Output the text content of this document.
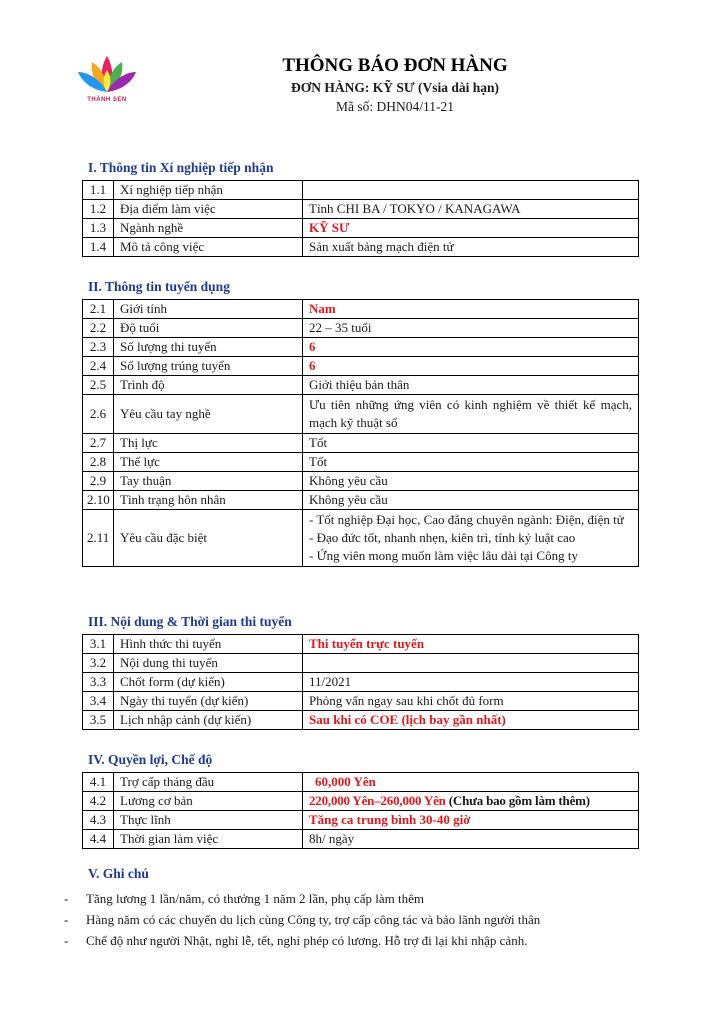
THÀNH SEN
THÔNG BÁO ĐƠN HÀNG
ĐƠN HÀNG: KỸ SƯ (Vsia dài hạn)
Mã số: DHN04/11-21
I. Thông tin Xí nghiệp tiếp nhận
1.1	Xí nghiệp tiếp nhận	
1.2	Địa điểm làm việc	Tỉnh CHI BA / TOKYO / KANAGAWA
1.3	Ngành nghề	KỸ SƯ
1.4	Mô tả công việc	Sản xuất bảng mạch điện tử
II. Thông tin tuyển dụng
2.1	Giới tính	Nam
2.2	Độ tuổi	22 – 35 tuổi
2.3	Số lượng thi tuyển	6
2.4	Số lượng trúng tuyển	6
2.5	Trình độ	Giới thiệu bản thân
2.6	Yêu cầu tay nghề	Ưu tiên những ứng viên có kinh nghiệm về thiết kế mạch, mạch kỹ thuật số
2.7	Thị lực	Tốt
2.8	Thể lực	Tốt
2.9	Tay thuận	Không yêu cầu
2.10	Tình trạng hôn nhân	Không yêu cầu
2.11	Yêu cầu đặc biệt	- Tốt nghiệp Đại học, Cao đẳng chuyên ngành: Điện, điện tử
- Đạo đức tốt, nhanh nhẹn, kiên trì, tính kỷ luật cao
- Ứng viên mong muốn làm việc lâu dài tại Công ty
III. Nội dung & Thời gian thi tuyển
3.1	Hình thức thi tuyển	Thi tuyển trực tuyến
3.2	Nội dung thi tuyển	
3.3	Chốt form (dự kiến)	11/2021
3.4	Ngày thi tuyển (dự kiến)	Phỏng vấn ngay sau khi chốt đủ form
3.5	Lịch nhập cảnh (dự kiến)	Sau khi có COE (lịch bay gần nhất)
IV. Quyền lợi, Chế độ
4.1	Trợ cấp tháng đầu	60,000 Yên
4.2	Lương cơ bản	220,000 Yên–260,000 Yên (Chưa bao gồm làm thêm)
4.3	Thực lĩnh	Tăng ca trung bình 30-40 giờ
4.4	Thời gian làm việc	8h/ ngày
V. Ghi chú
- Tăng lương 1 lần/năm, có thưởng 1 năm 2 lần, phụ cấp làm thêm
- Hàng năm có các chuyến du lịch cùng Công ty, trợ cấp công tác và bảo lãnh người thân
- Chế độ như người Nhật, nghỉ lễ, tết, nghỉ phép có lương. Hỗ trợ đi lại khi nhập cảnh.
